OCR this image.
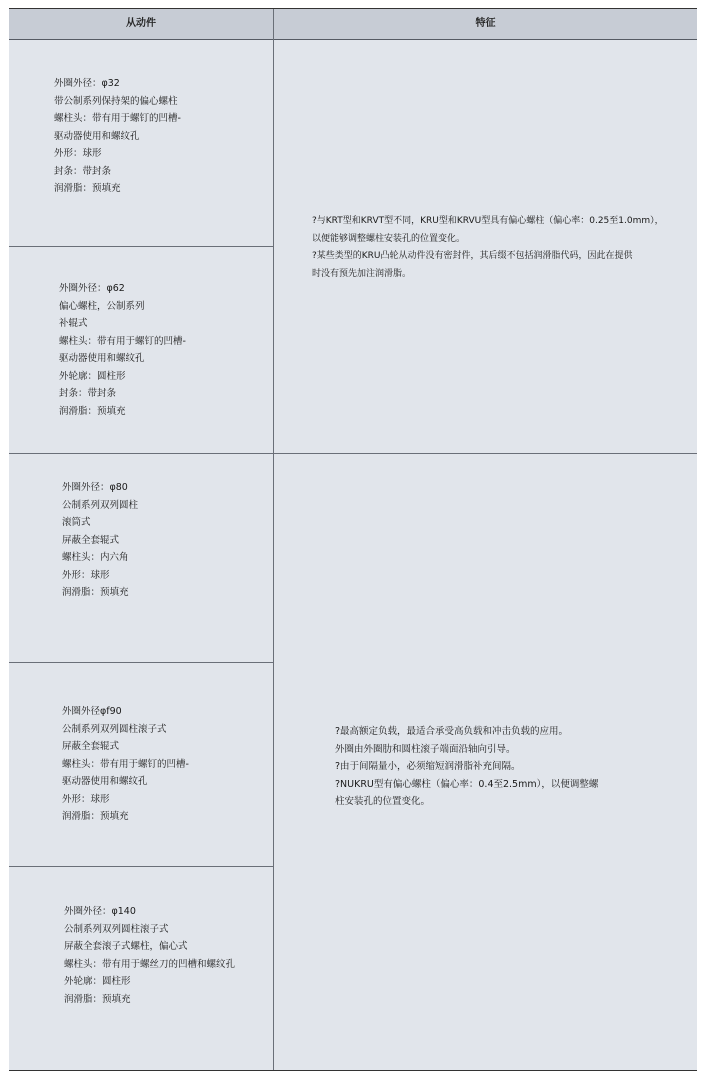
从动件	特征
外圈外径：φ32
带公制系列保持架的偏心螺柱
螺柱头：带有用于螺钉的凹槽-
驱动器使用和螺纹孔
外形：球形
封条：带封条
润滑脂：预填充
外圈外径：φ62
偏心螺柱，公制系列
补辊式
螺柱头：带有用于螺钉的凹槽-
驱动器使用和螺纹孔
外轮廓：圆柱形
封条：带封条
润滑脂：预填充
外圈外径：φ80
公制系列双列圆柱
滚筒式
屏蔽全套辊式
螺柱头：内六角
外形：球形
润滑脂：预填充
外圈外径φf90
公制系列双列圆柱滚子式
屏蔽全套辊式
螺柱头：带有用于螺钉的凹槽-
驱动器使用和螺纹孔
外形：球形
润滑脂：预填充
外圈外径：φ140
公制系列双列圆柱滚子式
屏蔽全套滚子式螺柱，偏心式
螺柱头：带有用于螺丝刀的凹槽和螺纹孔
外轮廓：圆柱形
润滑脂：预填充
?与KRT型和KRVT型不同，KRU型和KRVU型具有偏心螺柱（偏心率：0.25至1.0mm），
以便能够调整螺柱安装孔的位置变化。
?某些类型的KRU凸轮从动件没有密封件，其后缀不包括润滑脂代码，因此在提供
时没有预先加注润滑脂。
?最高额定负载，最适合承受高负载和冲击负载的应用。
外圈由外圈肋和圆柱滚子端面沿轴向引导。
?由于间隔量小，必须缩短润滑脂补充间隔。
?NUKRU型有偏心螺柱（偏心率：0.4至2.5mm），以便调整螺
柱安装孔的位置变化。
